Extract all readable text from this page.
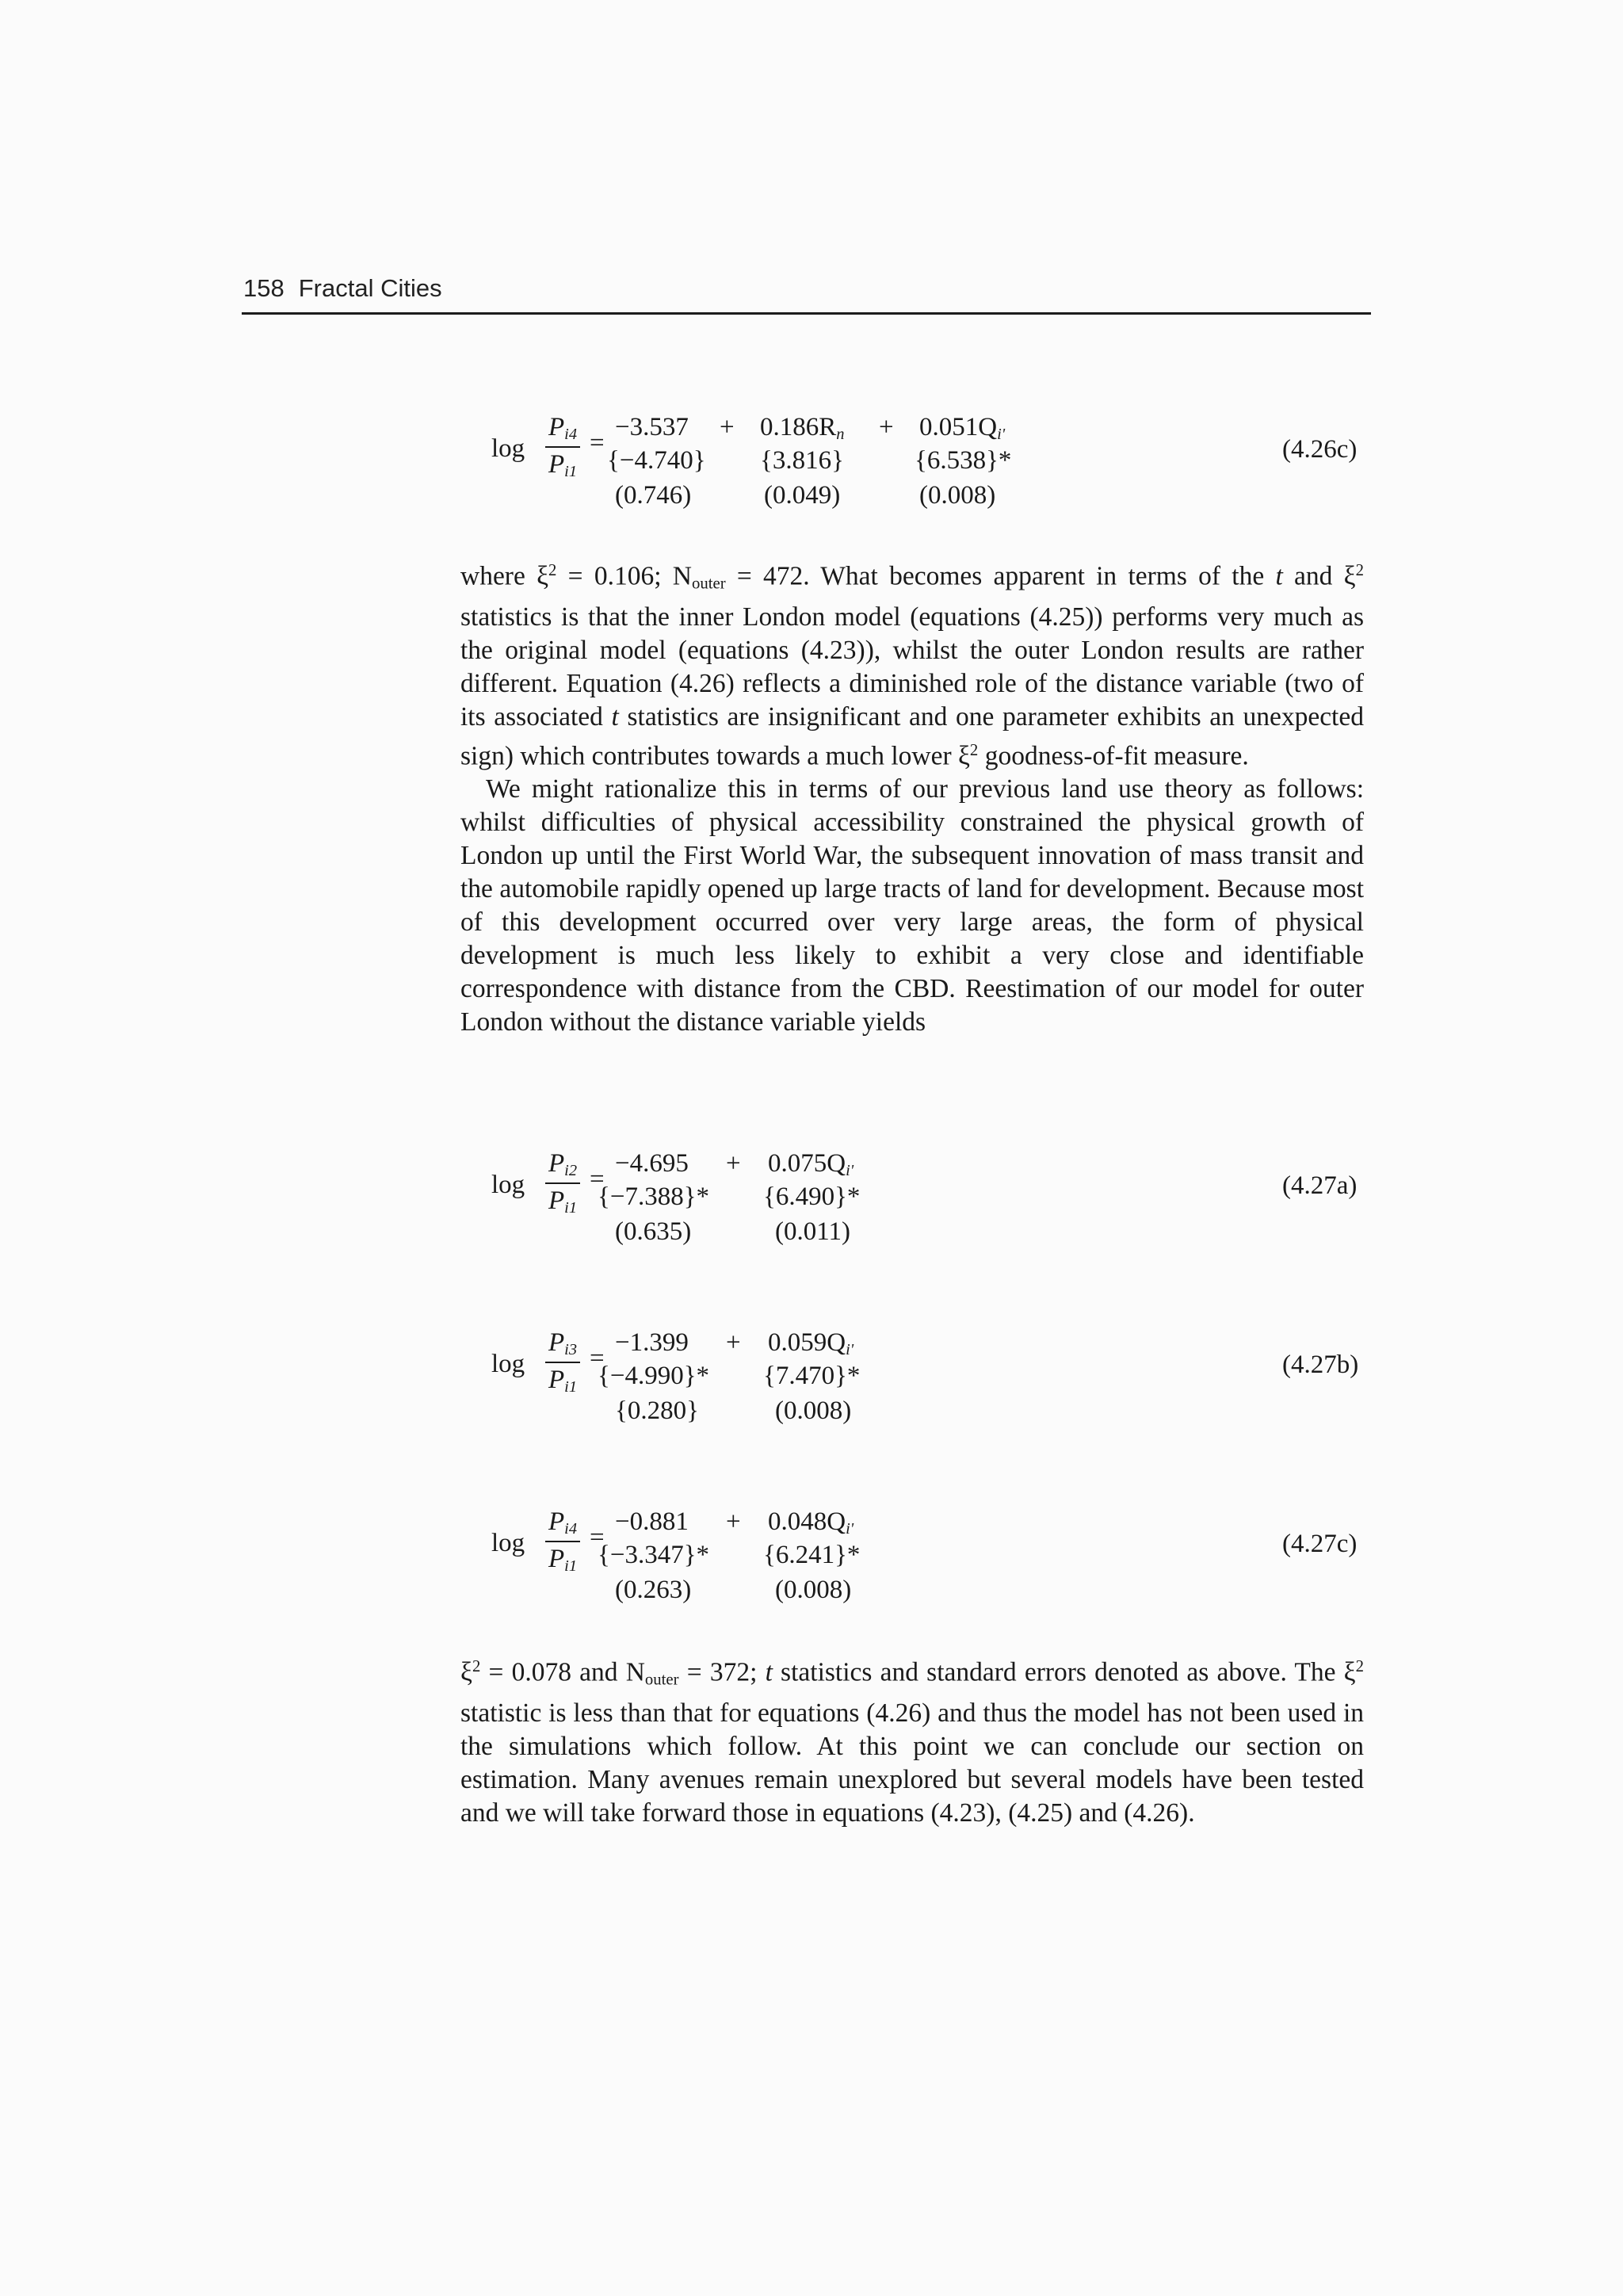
158 Fractal Cities
log
$P_{i4}$
$P_{i1}$
=
$-3.537 + 0.186R_n + 0.051Q_{i'}$
{−4.740} {3.816}	{6.538}*
(0.746)	(0.049)	(0.008)
(4.26c)

where $\xi^2 = 0.106$; $N_{outer} = 472$. What becomes apparent in terms of the t and $\xi^2$ statistics is that the inner London model (equations (4.25)) performs very much as the original model (equations (4.23)), whilst the outer London results are rather different. Equation (4.26) reflects a diminished role of the distance variable (two of its associated t statistics are insignificant and one parameter exhibits an unexpected sign) which contributes towards a much lower $\xi^2$ goodness-of-fit measure.

We might rationalize this in terms of our previous land use theory as follows: whilst difficulties of physical accessibility constrained the physical growth of London up until the First World War, the subsequent innovation of mass transit and the automobile rapidly opened up large tracts of land for development. Because most of this development occurred over very large areas, the form of physical development is much less likely to exhibit a very close and identifiable correspondence with distance from the CBD. Reestimation of our model for outer London without the distance variable yields

log
$P_{i2}$
$P_{i1}$
=
$-4.695 + 0.075Q_{i'}$
{−7.388}* {6.490}*
(0.635)	(0.011)
(4.27a)
log
$P_{i3}$
$P_{i1}$
=
$-1.399 + 0.059Q_{i'}$
{−4.990}* {7.470}*
{0.280}	(0.008)
(4.27b)
log
$P_{i4}$
$P_{i1}$
=
$-0.881 + 0.048Q_{i'}$
{−3.347}* {6.241}*
(0.263)	(0.008)
(4.27c)

$\xi^2 = 0.078$ and $N_{outer} = 372$; t statistics and standard errors denoted as above. The $\xi^2$ statistic is less than that for equations (4.26) and thus the model has not been used in the simulations which follow. At this point we can conclude our section on estimation. Many avenues remain unexplored but several models have been tested and we will take forward those in equations (4.23), (4.25) and (4.26).
